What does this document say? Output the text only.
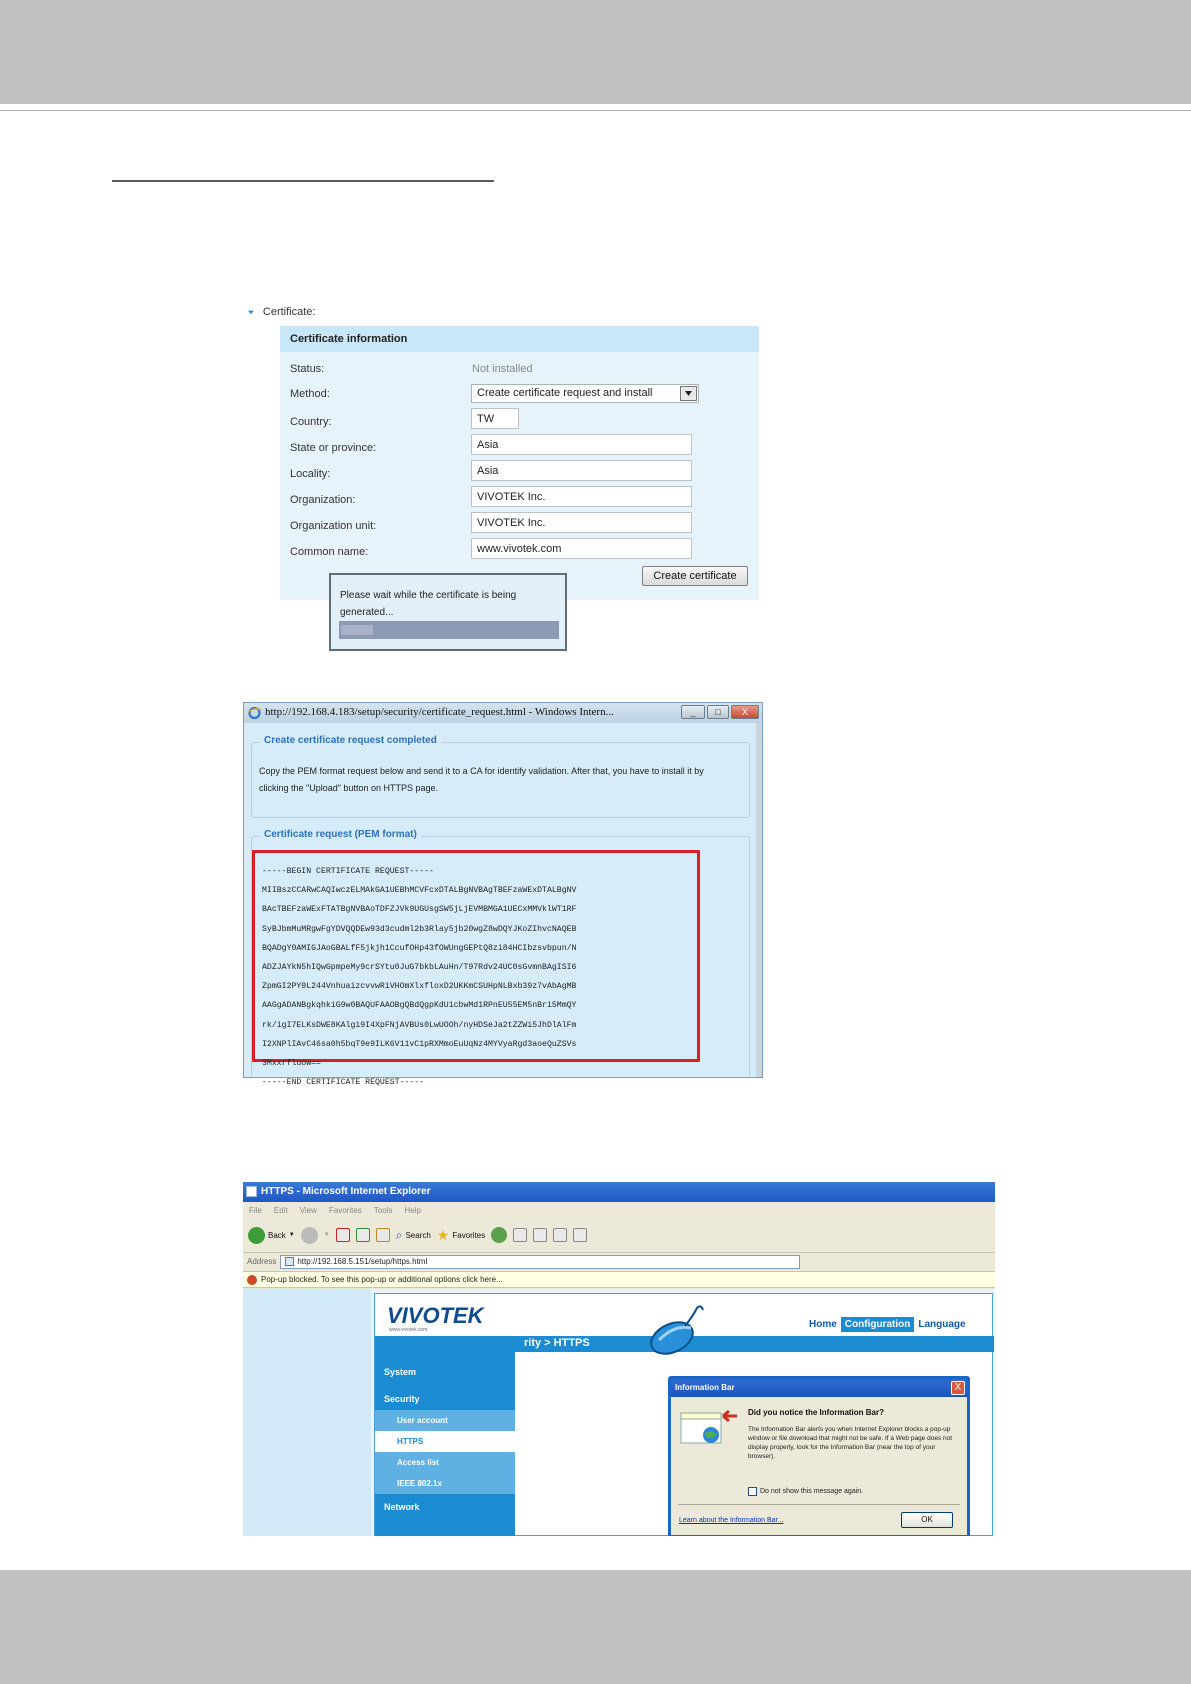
▼ Certificate:
Certificate information
Status:	Not installed
Method:	Create certificate request and install
Country:	TW
State or province:	Asia
Locality:	Asia
Organization:	VIVOTEK Inc.
Organization unit:	VIVOTEK Inc.
Common name:	www.vivotek.com
Create certificate
Please wait while the certificate is being generated...
http://192.168.4.183/setup/security/certificate_request.html - Windows Intern...	_	□	X
Create certificate request completed
Copy the PEM format request below and send it to a CA for identify validation. After that, you have to install it by clicking the "Upload" button on HTTPS page.
Certificate request (PEM format)
-----BEGIN CERTIFICATE REQUEST-----
MIIBszCCARwCAQIwczELMAkGA1UEBhMCVFcxDTALBgNVBAgTBEFzaWExDTALBgNV
BAcTBEFzaWExFTATBgNVBAoTDFZJVk9UGUsgSW5jLjEVMBMGA1UECxMMVklWT1RF
SyBJbmMuMRgwFgYDVQQDEw93d3cudml2b3Rlay5jb20wgZ8wDQYJKoZIhvcNAQEB
BQADgY0AMIGJAoGBALfF5jkjh1CcufOHp43fOWUngGEPtQ8zi84HCIbzsvbpun/N
ADZJAYkN5hIQwGpmpeMy9crSYtu0JuG7bkbLAuHn/T97Rdv24UC0sGvmnBAgISI6
ZpmGI2PY9L244VnhuaizcvvwRiVHOmXlxfloxD2UKKmCSUHpNLBxb39z7vAbAgMB
AAGgADANBgkqhkiG9w0BAQUFAAOBgQBdQgpKdU1cbwMd1RPnEU55EM5nBri5MmQY
rk/igI7ELKsDWE8KAlgi9I4XpFNjAVBUs0LwUOOh/nyHDSeJa2tZZWi5JhDlAlFm
I2XNPlIAvC46sa0h5bqT9e9ILK6V11vC1pRXMmoEuUqNz4MYVyaRgd3aoeQuZSVs
3Mxxrfluow==
-----END CERTIFICATE REQUEST-----
HTTPS - Microsoft Internet Explorer
File Edit View Favorites Tools Help
Back ▼	▼	⌕ Search ★ Favorites
Address	http://192.168.5.151/setup/https.html
Pop-up blocked. To see this pop-up or additional options click here...
VIVOTEK
www.vivotek.com	Home Configuration Language
rity > HTTPS
System
Security
User account
HTTPS
Access list
IEEE 802.1x
Network
Information Bar	X
Did you notice the Information Bar?
The Information Bar alerts you when Internet Explorer blocks a pop-up window or file download that might not be safe. If a Web page does not display properly, look for the Information Bar (near the top of your browser).
Do not show this message again.
Learn about the Information Bar...	OK
